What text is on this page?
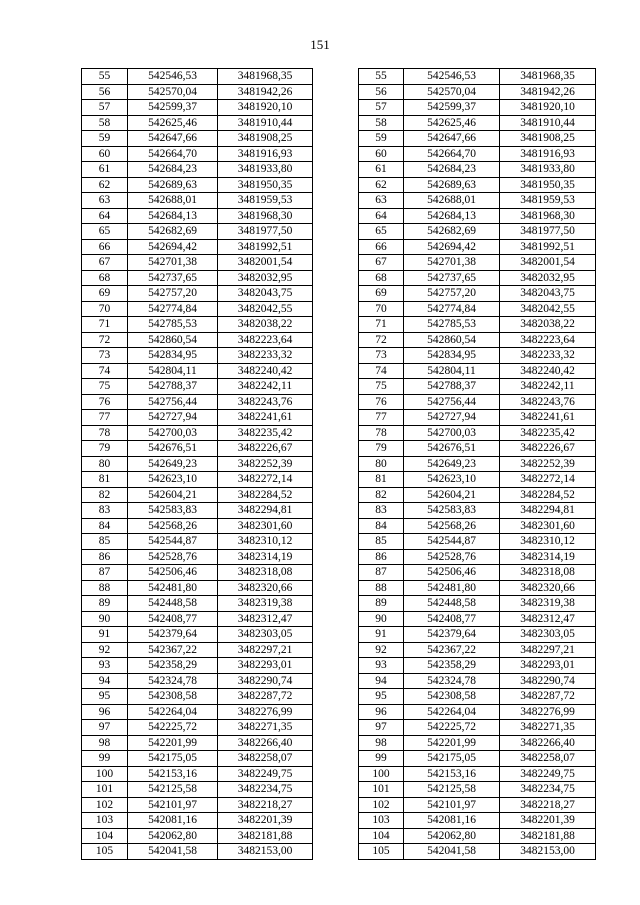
151
55	542546,53	3481968,35
56	542570,04	3481942,26
57	542599,37	3481920,10
58	542625,46	3481910,44
59	542647,66	3481908,25
60	542664,70	3481916,93
61	542684,23	3481933,80
62	542689,63	3481950,35
63	542688,01	3481959,53
64	542684,13	3481968,30
65	542682,69	3481977,50
66	542694,42	3481992,51
67	542701,38	3482001,54
68	542737,65	3482032,95
69	542757,20	3482043,75
70	542774,84	3482042,55
71	542785,53	3482038,22
72	542860,54	3482223,64
73	542834,95	3482233,32
74	542804,11	3482240,42
75	542788,37	3482242,11
76	542756,44	3482243,76
77	542727,94	3482241,61
78	542700,03	3482235,42
79	542676,51	3482226,67
80	542649,23	3482252,39
81	542623,10	3482272,14
82	542604,21	3482284,52
83	542583,83	3482294,81
84	542568,26	3482301,60
85	542544,87	3482310,12
86	542528,76	3482314,19
87	542506,46	3482318,08
88	542481,80	3482320,66
89	542448,58	3482319,38
90	542408,77	3482312,47
91	542379,64	3482303,05
92	542367,22	3482297,21
93	542358,29	3482293,01
94	542324,78	3482290,74
95	542308,58	3482287,72
96	542264,04	3482276,99
97	542225,72	3482271,35
98	542201,99	3482266,40
99	542175,05	3482258,07
100	542153,16	3482249,75
101	542125,58	3482234,75
102	542101,97	3482218,27
103	542081,16	3482201,39
104	542062,80	3482181,88
105	542041,58	3482153,00
55	542546,53	3481968,35
56	542570,04	3481942,26
57	542599,37	3481920,10
58	542625,46	3481910,44
59	542647,66	3481908,25
60	542664,70	3481916,93
61	542684,23	3481933,80
62	542689,63	3481950,35
63	542688,01	3481959,53
64	542684,13	3481968,30
65	542682,69	3481977,50
66	542694,42	3481992,51
67	542701,38	3482001,54
68	542737,65	3482032,95
69	542757,20	3482043,75
70	542774,84	3482042,55
71	542785,53	3482038,22
72	542860,54	3482223,64
73	542834,95	3482233,32
74	542804,11	3482240,42
75	542788,37	3482242,11
76	542756,44	3482243,76
77	542727,94	3482241,61
78	542700,03	3482235,42
79	542676,51	3482226,67
80	542649,23	3482252,39
81	542623,10	3482272,14
82	542604,21	3482284,52
83	542583,83	3482294,81
84	542568,26	3482301,60
85	542544,87	3482310,12
86	542528,76	3482314,19
87	542506,46	3482318,08
88	542481,80	3482320,66
89	542448,58	3482319,38
90	542408,77	3482312,47
91	542379,64	3482303,05
92	542367,22	3482297,21
93	542358,29	3482293,01
94	542324,78	3482290,74
95	542308,58	3482287,72
96	542264,04	3482276,99
97	542225,72	3482271,35
98	542201,99	3482266,40
99	542175,05	3482258,07
100	542153,16	3482249,75
101	542125,58	3482234,75
102	542101,97	3482218,27
103	542081,16	3482201,39
104	542062,80	3482181,88
105	542041,58	3482153,00
